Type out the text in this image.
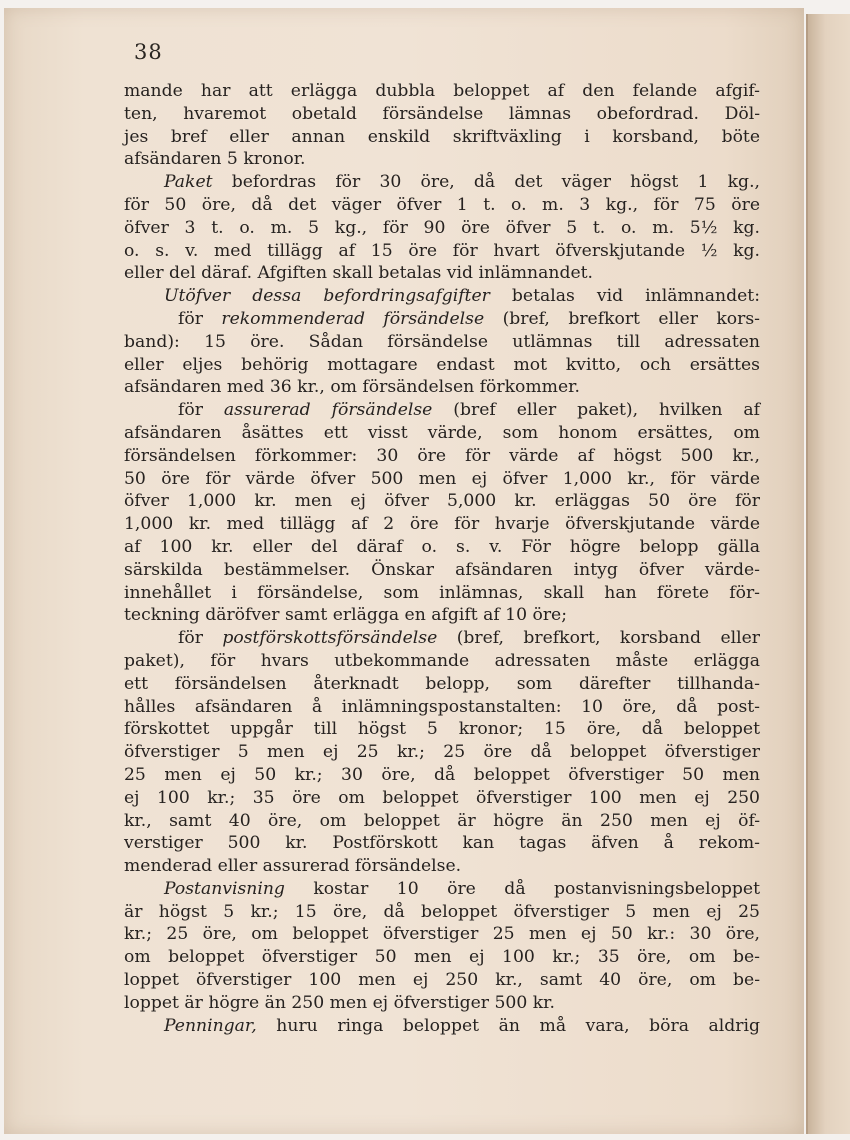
38
mande har att erlägga dubbla beloppet af den felande afgif-
ten, hvaremot obetald försändelse lämnas obefordrad. Döl-
jes bref eller annan enskild skriftväxling i korsband, böte
afsändaren 5 kronor.
Paket befordras för 30 öre, då det väger högst 1 kg.,
för 50 öre, då det väger öfver 1 t. o. m. 3 kg., för 75 öre
öfver 3 t. o. m. 5 kg., för 90 öre öfver 5 t. o. m. 5½ kg.
o. s. v. med tillägg af 15 öre för hvart öfverskjutande ½ kg.
eller del däraf. Afgiften skall betalas vid inlämnandet.
Utöfver dessa befordringsafgifter betalas vid inlämnandet:
för rekommenderad försändelse (bref, brefkort eller kors-
band): 15 öre. Sådan försändelse utlämnas till adressaten
eller eljes behörig mottagare endast mot kvitto, och ersättes
afsändaren med 36 kr., om försändelsen förkommer.
för assurerad försändelse (bref eller paket), hvilken af
afsändaren åsättes ett visst värde, som honom ersättes, om
försändelsen förkommer: 30 öre för värde af högst 500 kr.,
50 öre för värde öfver 500 men ej öfver 1,000 kr., för värde
öfver 1,000 kr. men ej öfver 5,000 kr. erläggas 50 öre för
1,000 kr. med tillägg af 2 öre för hvarje öfverskjutande värde
af 100 kr. eller del däraf o. s. v. För högre belopp gälla
särskilda bestämmelser. Önskar afsändaren intyg öfver värde-
innehållet i försändelse, som inlämnas, skall han förete för-
teckning däröfver samt erlägga en afgift af 10 öre;
för postförskottsförsändelse (bref, brefkort, korsband eller
paket), för hvars utbekommande adressaten måste erlägga
ett försändelsen återknadt belopp, som därefter tillhanda-
hålles afsändaren å inlämningspostanstalten: 10 öre, då post-
förskottet uppgår till högst 5 kronor; 15 öre, då beloppet
öfverstiger 5 men ej 25 kr.; 25 öre då beloppet öfverstiger
25 men ej 50 kr.; 30 öre, då beloppet öfverstiger 50 men
ej 100 kr.; 35 öre om beloppet öfverstiger 100 men ej 250
kr., samt 40 öre, om beloppet är högre än 250 men ej öf-
verstiger 500 kr. Postförskott kan tagas äfven å rekom-
menderad eller assurerad försändelse.
Postanvisning kostar 10 öre då postanvisningsbeloppet
är högst 5 kr.; 15 öre, då beloppet öfverstiger 5 men ej 25
kr.; 25 öre, om beloppet öfverstiger 25 men ej 50 kr.: 30 öre,
om beloppet öfverstiger 50 men ej 100 kr.; 35 öre, om be-
loppet öfverstiger 100 men ej 250 kr., samt 40 öre, om be-
loppet är högre än 250 men ej öfverstiger 500 kr.
Penningar, huru ringa beloppet än må vara, böra aldrig
